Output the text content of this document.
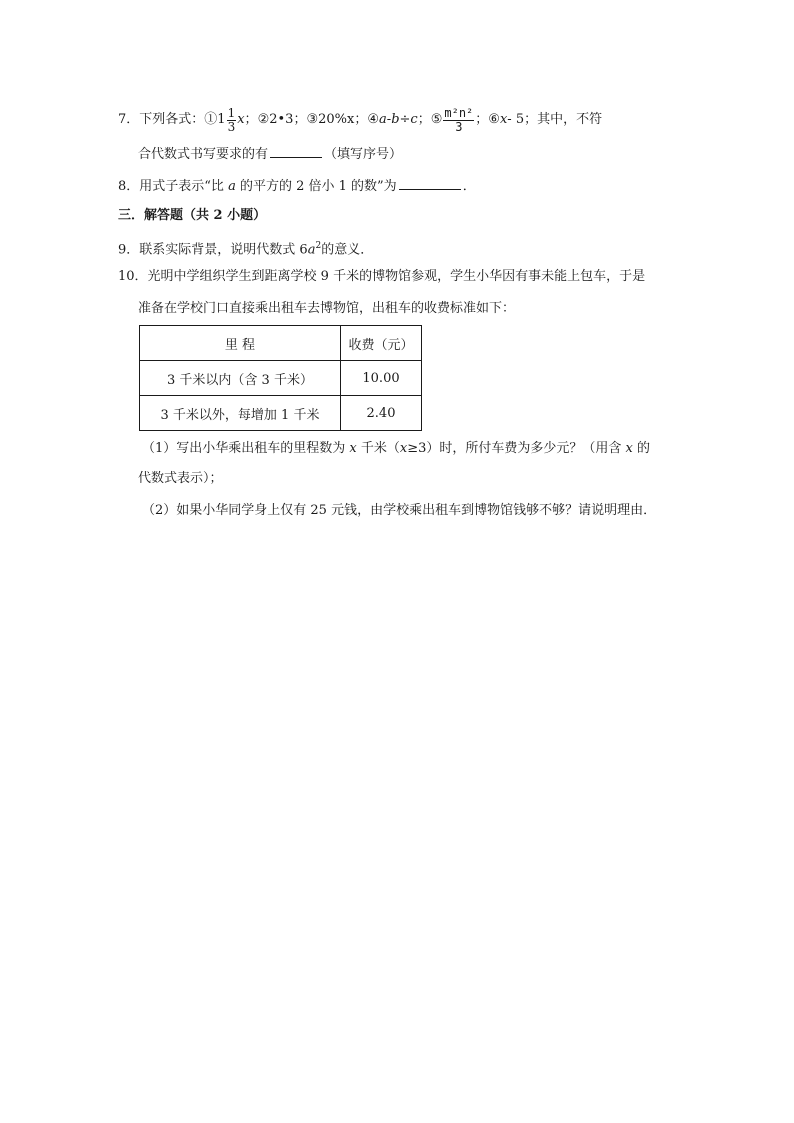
7．下列各式：① $1 \frac{1}{3}$ x ； ②2•3 ； ③20%x ； ④ a - b ÷ c ； ⑤ $\frac{\text{m²n²}}{3}$ ； ⑥ x - 5 ；其中，不符
合代数式书写要求的有	（填写序号）
8．用式子表示“比 a 的平方的 2 倍小 1 的数”为	．
三．解答题（共 2 小题）
9．联系实际背景，说明代数式 $6a^2$的意义．
10．光明中学组织学生到距离学校 9 千米的博物馆参观，学生小华因有事未能上包车，于是
准备在学校门口直接乘出租车去博物馆，出租车的收费标准如下：
里 程	收费（元）
3 千米以内（含 3 千米）	10.00
3 千米以外，每增加 1 千米	2.40
（1）写出小华乘出租车的里程数为 x 千米（x≥3）时，所付车费为多少元？（用含 x 的
代数式表示）；
（2）如果小华同学身上仅有 25 元钱，由学校乘出租车到博物馆钱够不够？请说明理由．
